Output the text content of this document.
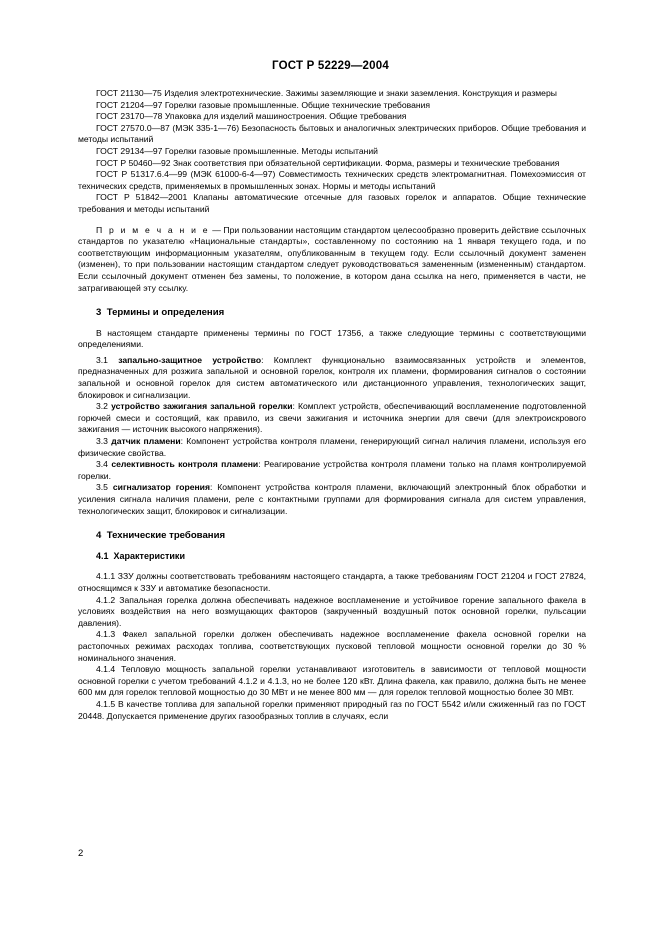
ГОСТ Р 52229—2004

ГОСТ 21130—75 Изделия электротехнические. Зажимы заземляющие и знаки заземления. Конструкция и размеры

ГОСТ 21204—97 Горелки газовые промышленные. Общие технические требования

ГОСТ 23170—78 Упаковка для изделий машиностроения. Общие требования

ГОСТ 27570.0—87 (МЭК 335-1—76) Безопасность бытовых и аналогичных электрических приборов. Общие требования и методы испытаний

ГОСТ 29134—97 Горелки газовые промышленные. Методы испытаний

ГОСТ Р 50460—92 Знак соответствия при обязательной сертификации. Форма, размеры и технические требования

ГОСТ Р 51317.6.4—99 (МЭК 61000-6-4—97) Совместимость технических средств электромагнитная. Помехоэмиссия от технических средств, применяемых в промышленных зонах. Нормы и методы испытаний

ГОСТ Р 51842—2001 Клапаны автоматические отсечные для газовых горелок и аппаратов. Общие технические требования и методы испытаний

П р и м е ч а н и е — При пользовании настоящим стандартом целесообразно проверить действие ссылочных стандартов по указателю «Национальные стандарты», составленному по состоянию на 1 января текущего года, и по соответствующим информационным указателям, опубликованным в текущем году. Если ссылочный документ заменен (изменен), то при пользовании настоящим стандартом следует руководствоваться замененным (измененным) стандартом. Если ссылочный документ отменен без замены, то положение, в котором дана ссылка на него, применяется в части, не затрагивающей эту ссылку.

3 Термины и определения

В настоящем стандарте применены термины по ГОСТ 17356, а также следующие термины с соответствующими определениями.

3.1 запально-защитное устройство: Комплект функционально взаимосвязанных устройств и элементов, предназначенных для розжига запальной и основной горелок, контроля их пламени, формирования сигналов о состоянии запальной и основной горелок для систем автоматического или дистанционного управления, технологических защит, блокировок и сигнализации.

3.2 устройство зажигания запальной горелки: Комплект устройств, обеспечивающий воспламенение подготовленной горючей смеси и состоящий, как правило, из свечи зажигания и источника энергии для свечи (для электроискрового зажигания — источник высокого напряжения).

3.3 датчик пламени: Компонент устройства контроля пламени, генерирующий сигнал наличия пламени, используя его физические свойства.

3.4 селективность контроля пламени: Реагирование устройства контроля пламени только на пламя контролируемой горелки.

3.5 сигнализатор горения: Компонент устройства контроля пламени, включающий электронный блок обработки и усиления сигнала наличия пламени, реле с контактными группами для формирования сигнала для систем управления, технологических защит, блокировок и сигнализации.

4 Технические требования

4.1 Характеристики

4.1.1 ЗЗУ должны соответствовать требованиям настоящего стандарта, а также требованиям ГОСТ 21204 и ГОСТ 27824, относящимся к ЗЗУ и автоматике безопасности.

4.1.2 Запальная горелка должна обеспечивать надежное воспламенение и устойчивое горение запального факела в условиях воздействия на него возмущающих факторов (закрученный воздушный поток основной горелки, пульсации давления).

4.1.3 Факел запальной горелки должен обеспечивать надежное воспламенение факела основной горелки на растопочных режимах расходах топлива, соответствующих пусковой тепловой мощности основной горелки до 30 % номинального значения.

4.1.4 Тепловую мощность запальной горелки устанавливают изготовитель в зависимости от тепловой мощности основной горелки с учетом требований 4.1.2 и 4.1.3, но не более 120 кВт. Длина факела, как правило, должна быть не менее 600 мм для горелок тепловой мощностью до 30 МВт и не менее 800 мм — для горелок тепловой мощностью более 30 МВт.

4.1.5 В качестве топлива для запальной горелки применяют природный газ по ГОСТ 5542 и/или сжиженный газ по ГОСТ 20448. Допускается применение других газообразных топлив в случаях, если

2
